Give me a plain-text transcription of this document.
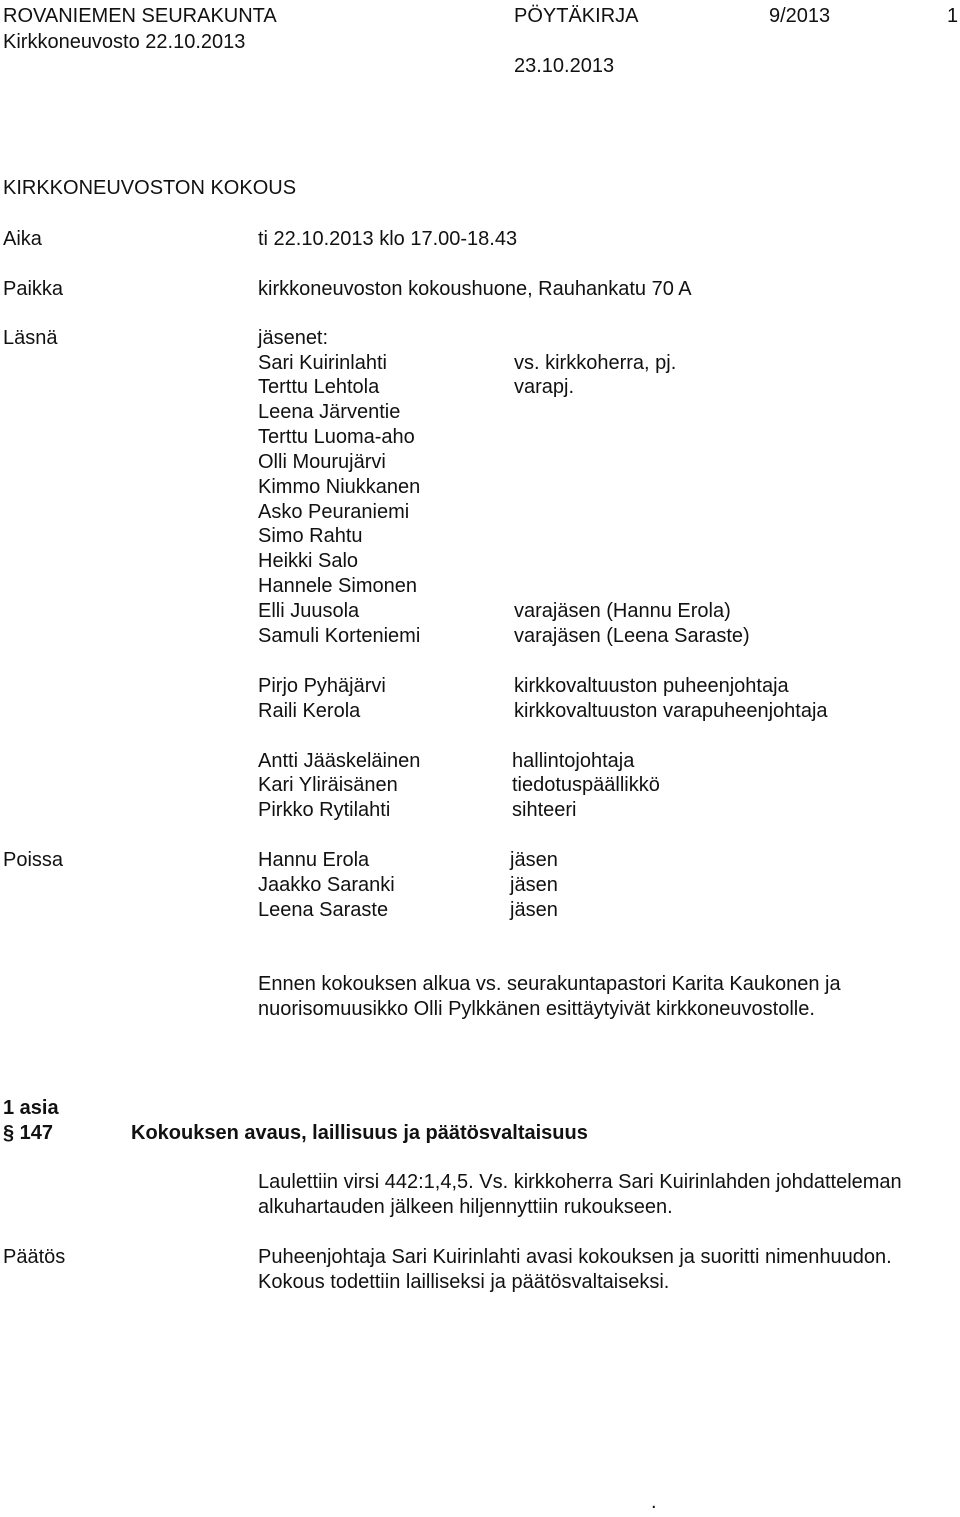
ROVANIEMEN SEURAKUNTA
Kirkkoneuvosto 22.10.2013
PÖYTÄKIRJA	9/2013	1
23.10.2013
KIRKKONEUVOSTON KOKOUS
Aika	ti 22.10.2013 klo 17.00-18.43
Paikka	kirkkoneuvoston kokoushuone, Rauhankatu 70 A
Läsnä	jäsenet:
Sari Kuirinlahti	vs. kirkkoherra, pj.
Terttu Lehtola	varapj.
Leena Järventie
Terttu Luoma-aho
Olli Mourujärvi
Kimmo Niukkanen
Asko Peuraniemi
Simo Rahtu
Heikki Salo
Hannele Simonen
Elli Juusola	varajäsen (Hannu Erola)
Samuli Korteniemi	varajäsen (Leena Saraste)
Pirjo Pyhäjärvi	kirkkovaltuuston puheenjohtaja
Raili Kerola	kirkkovaltuuston varapuheenjohtaja
Antti Jääskeläinen	hallintojohtaja
Kari Yliräisänen	tiedotuspäällikkö
Pirkko Rytilahti	sihteeri
Poissa	Hannu Erola	jäsen
Jaakko Saranki	jäsen
Leena Saraste	jäsen
Ennen kokouksen alkua vs. seurakuntapastori Karita Kaukonen ja
nuorisomuusikko Olli Pylkkänen esittäytyivät kirkkoneuvostolle.
1 asia
§ 147	Kokouksen avaus, laillisuus ja päätösvaltaisuus
Laulettiin virsi 442:1,4,5. Vs. kirkkoherra Sari Kuirinlahden johdatteleman
alkuhartauden jälkeen hiljennyttiin rukoukseen.
Päätös	Puheenjohtaja Sari Kuirinlahti avasi kokouksen ja suoritti nimenhuudon.
Kokous todettiin lailliseksi ja päätösvaltaiseksi.
.
